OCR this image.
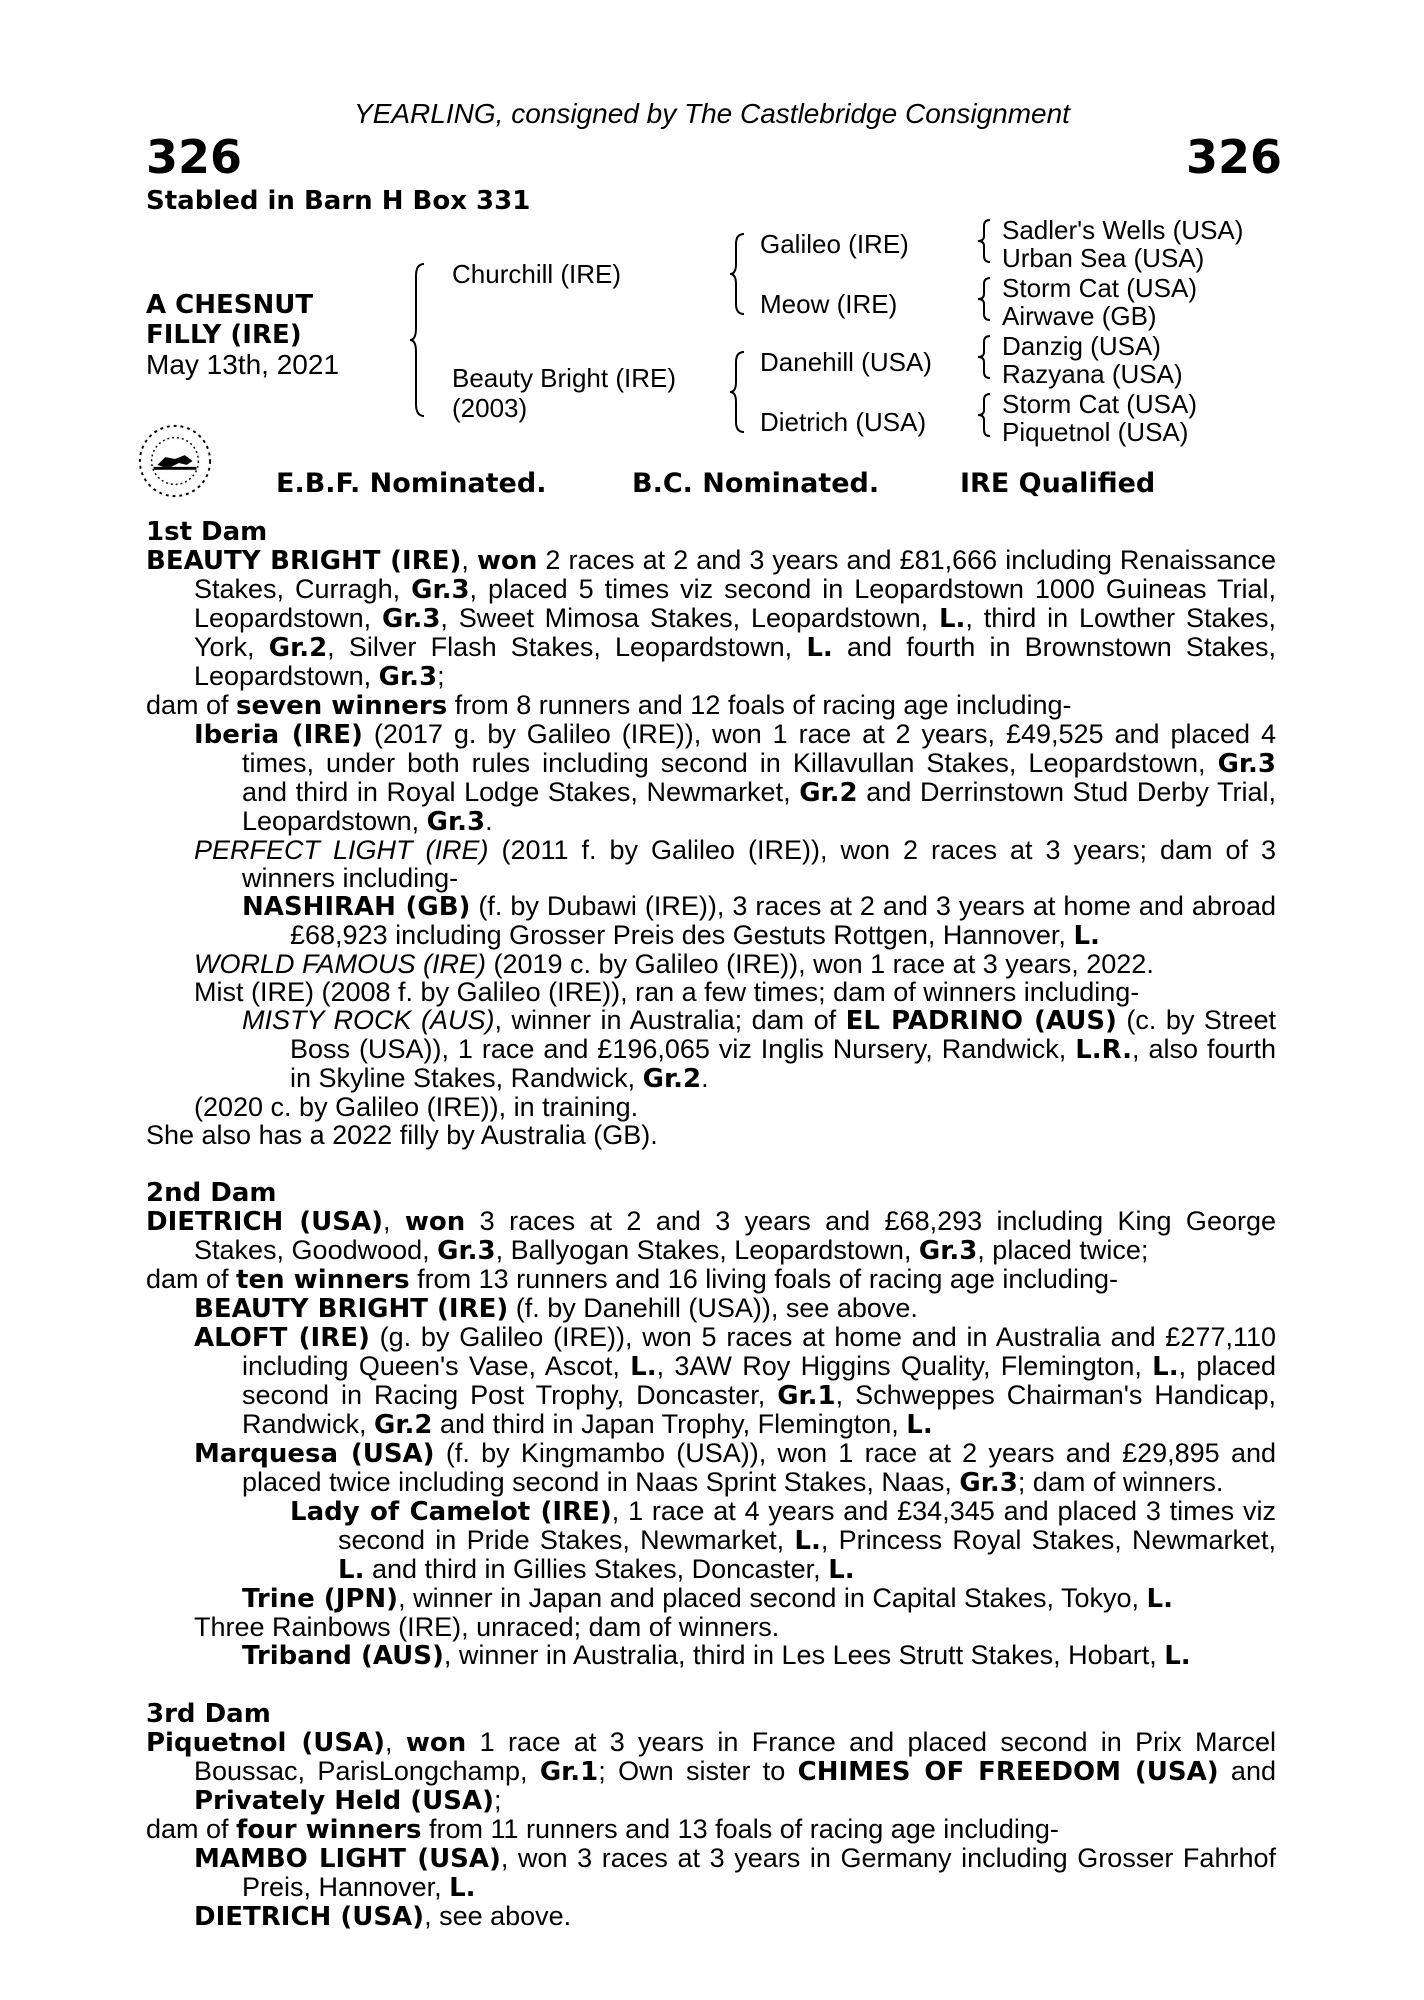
YEARLING, consigned by The Castlebridge Consignment
326	326
Stabled in Barn H Box 331
A CHESNUT
FILLY (IRE)
May 13th, 2021
Churchill (IRE)
Beauty Bright (IRE)
(2003)
Galileo (IRE)
Meow (IRE)
Danehill (USA)
Dietrich (USA)
Sadler's Wells (USA)
Urban Sea (USA)
Storm Cat (USA)
Airwave (GB)
Danzig (USA)
Razyana (USA)
Storm Cat (USA)
Piquetnol (USA)
E.B.F. Nominated.	B.C. Nominated.	IRE Qualified

1st Dam

BEAUTY BRIGHT (IRE), won 2 races at 2 and 3 years and £81,666 including Renaissance Stakes, Curragh, Gr.3, placed 5 times viz second in Leopardstown 1000 Guineas Trial, Leopardstown, Gr.3, Sweet Mimosa Stakes, Leopardstown, L., third in Lowther Stakes, York, Gr.2, Silver Flash Stakes, Leopardstown, L. and fourth in Brownstown Stakes, Leopardstown, Gr.3;

dam of seven winners from 8 runners and 12 foals of racing age including-

Iberia (IRE) (2017 g. by Galileo (IRE)), won 1 race at 2 years, £49,525 and placed 4 times, under both rules including second in Killavullan Stakes, Leopardstown, Gr.3 and third in Royal Lodge Stakes, Newmarket, Gr.2 and Derrinstown Stud Derby Trial, Leopardstown, Gr.3.

PERFECT LIGHT (IRE) (2011 f. by Galileo (IRE)), won 2 races at 3 years; dam of 3 winners including-

NASHIRAH (GB) (f. by Dubawi (IRE)), 3 races at 2 and 3 years at home and abroad £68,923 including Grosser Preis des Gestuts Rottgen, Hannover, L.

WORLD FAMOUS (IRE) (2019 c. by Galileo (IRE)), won 1 race at 3 years, 2022.

Mist (IRE) (2008 f. by Galileo (IRE)), ran a few times; dam of winners including-

MISTY ROCK (AUS), winner in Australia; dam of EL PADRINO (AUS) (c. by Street Boss (USA)), 1 race and £196,065 viz Inglis Nursery, Randwick, L.R., also fourth in Skyline Stakes, Randwick, Gr.2.

(2020 c. by Galileo (IRE)), in training.

She also has a 2022 filly by Australia (GB).

2nd Dam

DIETRICH (USA), won 3 races at 2 and 3 years and £68,293 including King George Stakes, Goodwood, Gr.3, Ballyogan Stakes, Leopardstown, Gr.3, placed twice;

dam of ten winners from 13 runners and 16 living foals of racing age including-

BEAUTY BRIGHT (IRE) (f. by Danehill (USA)), see above.

ALOFT (IRE) (g. by Galileo (IRE)), won 5 races at home and in Australia and £277,110 including Queen's Vase, Ascot, L., 3AW Roy Higgins Quality, Flemington, L., placed second in Racing Post Trophy, Doncaster, Gr.1, Schweppes Chairman's Handicap, Randwick, Gr.2 and third in Japan Trophy, Flemington, L.

Marquesa (USA) (f. by Kingmambo (USA)), won 1 race at 2 years and £29,895 and placed twice including second in Naas Sprint Stakes, Naas, Gr.3; dam of winners.

Lady of Camelot (IRE), 1 race at 4 years and £34,345 and placed 3 times viz second in Pride Stakes, Newmarket, L., Princess Royal Stakes, Newmarket, L. and third in Gillies Stakes, Doncaster, L.

Trine (JPN), winner in Japan and placed second in Capital Stakes, Tokyo, L.

Three Rainbows (IRE), unraced; dam of winners.

Triband (AUS), winner in Australia, third in Les Lees Strutt Stakes, Hobart, L.

3rd Dam

Piquetnol (USA), won 1 race at 3 years in France and placed second in Prix Marcel Boussac, ParisLongchamp, Gr.1; Own sister to CHIMES OF FREEDOM (USA) and Privately Held (USA);

dam of four winners from 11 runners and 13 foals of racing age including-

MAMBO LIGHT (USA), won 3 races at 3 years in Germany including Grosser Fahrhof Preis, Hannover, L.

DIETRICH (USA), see above.
